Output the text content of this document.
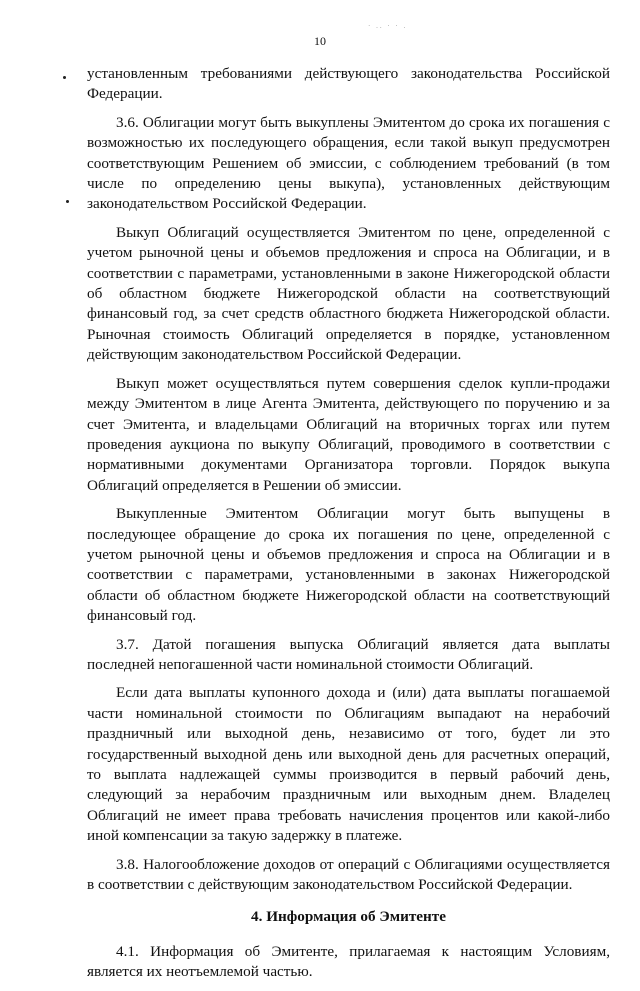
10
· .. · · .

установленным требованиями действующего законодательства Российской Федерации.

3.6. Облигации могут быть выкуплены Эмитентом до срока их погашения с возможностью их последующего обращения, если такой выкуп предусмотрен соответствующим Решением об эмиссии, с соблюдением требований (в том числе по определению цены выкупа), установленных действующим законодательством Российской Федерации.

Выкуп Облигаций осуществляется Эмитентом по цене, определенной с учетом рыночной цены и объемов предложения и спроса на Облигации, и в соответствии с параметрами, установленными в законе Нижегородской области об областном бюджете Нижегородской области на соответствующий финансовый год, за счет средств областного бюджета Нижегородской области. Рыночная стоимость Облигаций определяется в порядке, установленном действующим законодательством Российской Федерации.

Выкуп может осуществляться путем совершения сделок купли-продажи между Эмитентом в лице Агента Эмитента, действующего по поручению и за счет Эмитента, и владельцами Облигаций на вторичных торгах или путем проведения аукциона по выкупу Облигаций, проводимого в соответствии с нормативными документами Организатора торговли. Порядок выкупа Облигаций определяется в Решении об эмиссии.

Выкупленные Эмитентом Облигации могут быть выпущены в последующее обращение до срока их погашения по цене, определенной с учетом рыночной цены и объемов предложения и спроса на Облигации и в соответствии с параметрами, установленными в законах Нижегородской области об областном бюджете Нижегородской области на соответствующий финансовый год.

3.7. Датой погашения выпуска Облигаций является дата выплаты последней непогашенной части номинальной стоимости Облигаций.

Если дата выплаты купонного дохода и (или) дата выплаты погашаемой части номинальной стоимости по Облигациям выпадают на нерабочий праздничный или выходной день, независимо от того, будет ли это государственный выходной день или выходной день для расчетных операций, то выплата надлежащей суммы производится в первый рабочий день, следующий за нерабочим праздничным или выходным днем. Владелец Облигаций не имеет права требовать начисления процентов или какой-либо иной компенсации за такую задержку в платеже.

3.8. Налогообложение доходов от операций с Облигациями осуществляется в соответствии с действующим законодательством Российской Федерации.

4. Информация об Эмитенте

4.1. Информация об Эмитенте, прилагаемая к настоящим Условиям, является их неотъемлемой частью.
